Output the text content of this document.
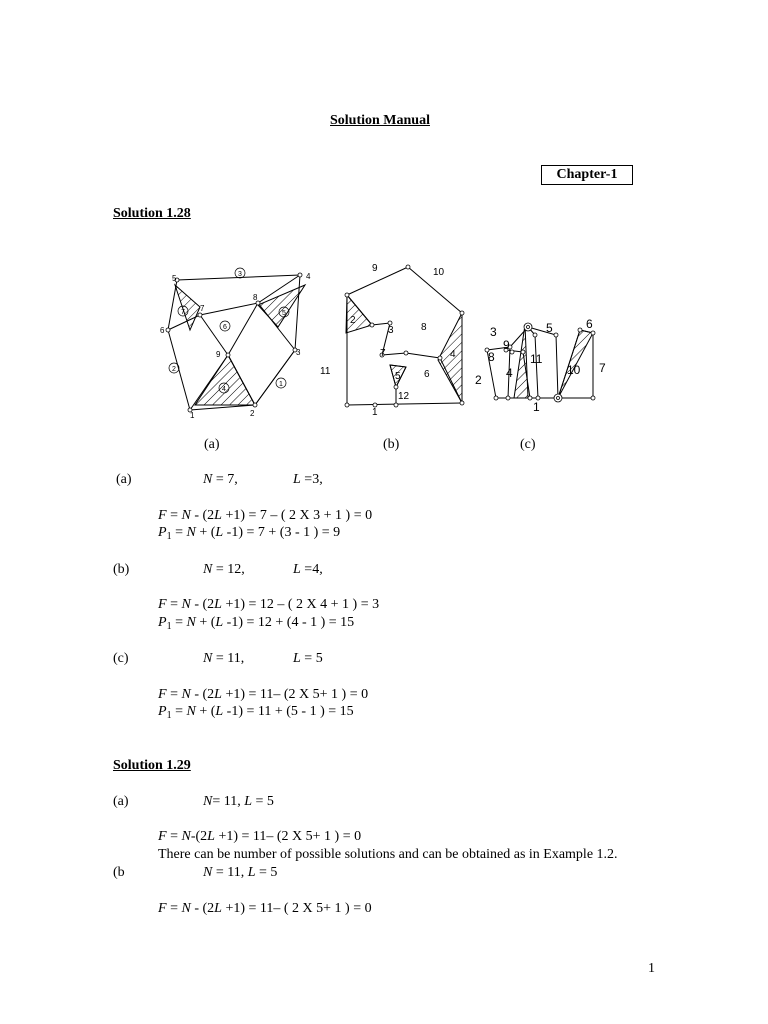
Solution Manual
Chapter-1
Solution 1.28
1	2
3
4
5
6
7
8
9
1
2
3
4
5
6
7
1
2
3
4
5 6
7
8
9	10
11
12
1
2
3
4
5	6
7
8
9
10
11
(a)	(b)	(c)
(a)	N = 7,	L =3,
F = N - (2L +1) = 7 – ( 2 X 3 + 1 ) = 0
$P_1 = N + (L$ -1) = 7 + (3 - 1 ) = 9
(b)	N = 12,	L =4,
F = N - (2L +1) = 12 – ( 2 X 4 + 1 ) = 3
$P_1 = N + (L$ -1) = 12 + (4 - 1 ) = 15
(c)	N = 11,	L = 5
F = N - (2L +1) = 11– (2 X 5+ 1 ) = 0
$P_1 = N + (L$ -1) = 11 + (5 - 1 ) = 15
Solution 1.29
(a)	N= 11, L = 5
F = N-(2L +1) = 11– (2 X 5+ 1 ) = 0
There can be number of possible solutions and can be obtained as in Example 1.2.
(b	N = 11, L = 5
F = N - (2L +1) = 11– ( 2 X 5+ 1 ) = 0
1
